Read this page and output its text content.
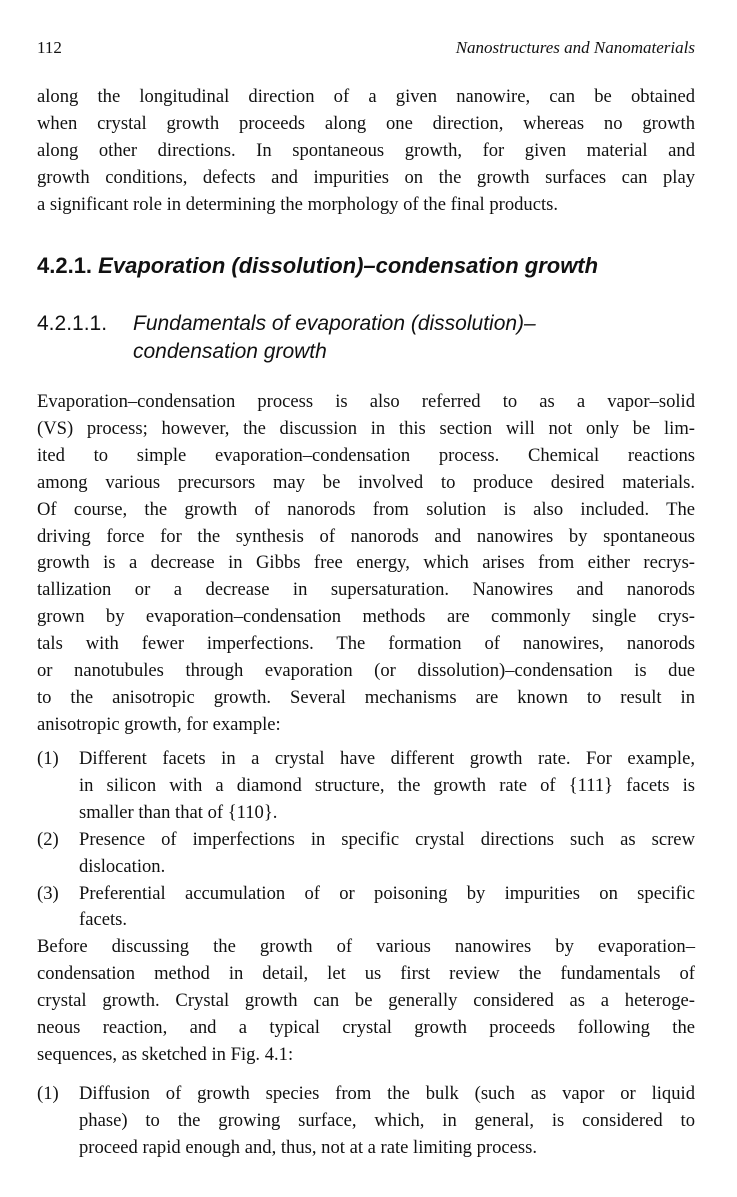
112	Nanostructures and Nanomaterials
along the longitudinal direction of a given nanowire, can be obtained
when crystal growth proceeds along one direction, whereas no growth
along other directions. In spontaneous growth, for given material and
growth conditions, defects and impurities on the growth surfaces can play
a significant role in determining the morphology of the final products.
4.2.1. Evaporation (dissolution)–condensation growth
4.2.1.1. Fundamentals of evaporation (dissolution)–
condensation growth
Evaporation–condensation process is also referred to as a vapor–solid
(VS) process; however, the discussion in this section will not only be lim-
ited to simple evaporation–condensation process. Chemical reactions
among various precursors may be involved to produce desired materials.
Of course, the growth of nanorods from solution is also included. The
driving force for the synthesis of nanorods and nanowires by spontaneous
growth is a decrease in Gibbs free energy, which arises from either recrys-
tallization or a decrease in supersaturation. Nanowires and nanorods
grown by evaporation–condensation methods are commonly single crys-
tals with fewer imperfections. The formation of nanowires, nanorods
or nanotubules through evaporation (or dissolution)–condensation is due
to the anisotropic growth. Several mechanisms are known to result in
anisotropic growth, for example:
(1) Different facets in a crystal have different growth rate. For example,
in silicon with a diamond structure, the growth rate of {111} facets is
smaller than that of {110}.
(2) Presence of imperfections in specific crystal directions such as screw
dislocation.
(3) Preferential accumulation of or poisoning by impurities on specific
facets.
Before discussing the growth of various nanowires by evaporation–
condensation method in detail, let us first review the fundamentals of
crystal growth. Crystal growth can be generally considered as a heteroge-
neous reaction, and a typical crystal growth proceeds following the
sequences, as sketched in Fig. 4.1:
(1) Diffusion of growth species from the bulk (such as vapor or liquid
phase) to the growing surface, which, in general, is considered to
proceed rapid enough and, thus, not at a rate limiting process.
